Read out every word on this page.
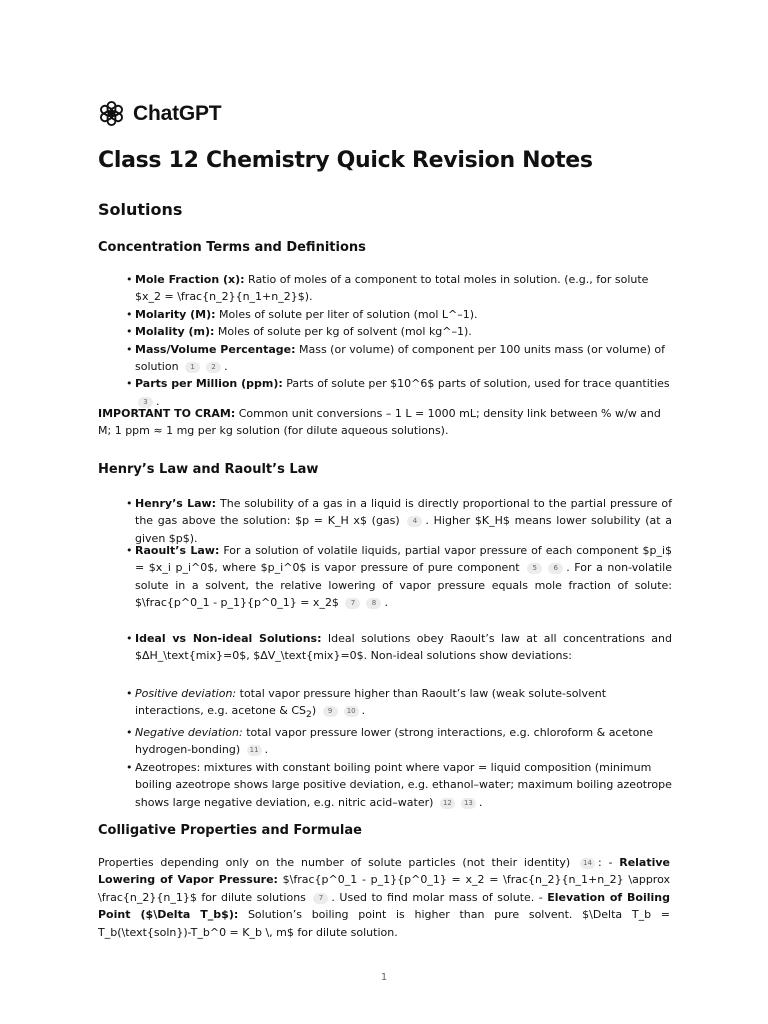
ChatGPT
Class 12 Chemistry Quick Revision Notes
Solutions
Concentration Terms and Definitions
• Mole Fraction (x): Ratio of moles of a component to total moles in solution. (e.g., for solute $x_2 = \frac{n_2}{n_1+n_2}$).
• Molarity (M): Moles of solute per liter of solution (mol L^–1).
• Molality (m): Moles of solute per kg of solvent (mol kg^–1).
• Mass/Volume Percentage: Mass (or volume) of component per 100 units mass (or volume) of solution 1 2 .
• Parts per Million (ppm): Parts of solute per $10^6$ parts of solution, used for trace quantities 3 .

IMPORTANT TO CRAM: Common unit conversions – 1 L = 1000 mL; density link between % w/w and M; 1 ppm ≈ 1 mg per kg solution (for dilute aqueous solutions).

Henry’s Law and Raoult’s Law
• Henry’s Law: The solubility of a gas in a liquid is directly proportional to the partial pressure of the gas above the solution: $p = K_H x$ (gas) 4 . Higher $K_H$ means lower solubility (at a given $p$).
• Raoult’s Law: For a solution of volatile liquids, partial vapor pressure of each component $p_i$ = $x_i p_i^0$, where $p_i^0$ is vapor pressure of pure component 5 6 . For a non-volatile solute in a solvent, the relative lowering of vapor pressure equals mole fraction of solute: $\frac{p^0_1 - p_1}{p^0_1} = x_2$ 7 8 .
• Ideal vs Non-ideal Solutions: Ideal solutions obey Raoult’s law at all concentrations and $ΔH_\text{mix}=0$, $ΔV_\text{mix}=0$. Non-ideal solutions show deviations:
• Positive deviation: total vapor pressure higher than Raoult’s law (weak solute-solvent interactions, e.g. acetone & $CS_2$) 9 10 .
• Negative deviation: total vapor pressure lower (strong interactions, e.g. chloroform & acetone hydrogen-bonding) 11 .
• Azeotropes: mixtures with constant boiling point where vapor = liquid composition (minimum boiling azeotrope shows large positive deviation, e.g. ethanol–water; maximum boiling azeotrope shows large negative deviation, e.g. nitric acid–water) 12 13 .
Colligative Properties and Formulae

Properties depending only on the number of solute particles (not their identity) 14 : - Relative Lowering of Vapor Pressure: $\frac{p^0_1 - p_1}{p^0_1} = x_2 = \frac{n_2}{n_1+n_2} \approx \frac{n_2}{n_1}$ for dilute solutions 7 . Used to find molar mass of solute. - Elevation of Boiling Point ($\Delta T_b$): Solution’s boiling point is higher than pure solvent. $\Delta T_b = T_b(\text{soln})-T_b^0 = K_b \, m$ for dilute solution.

1
